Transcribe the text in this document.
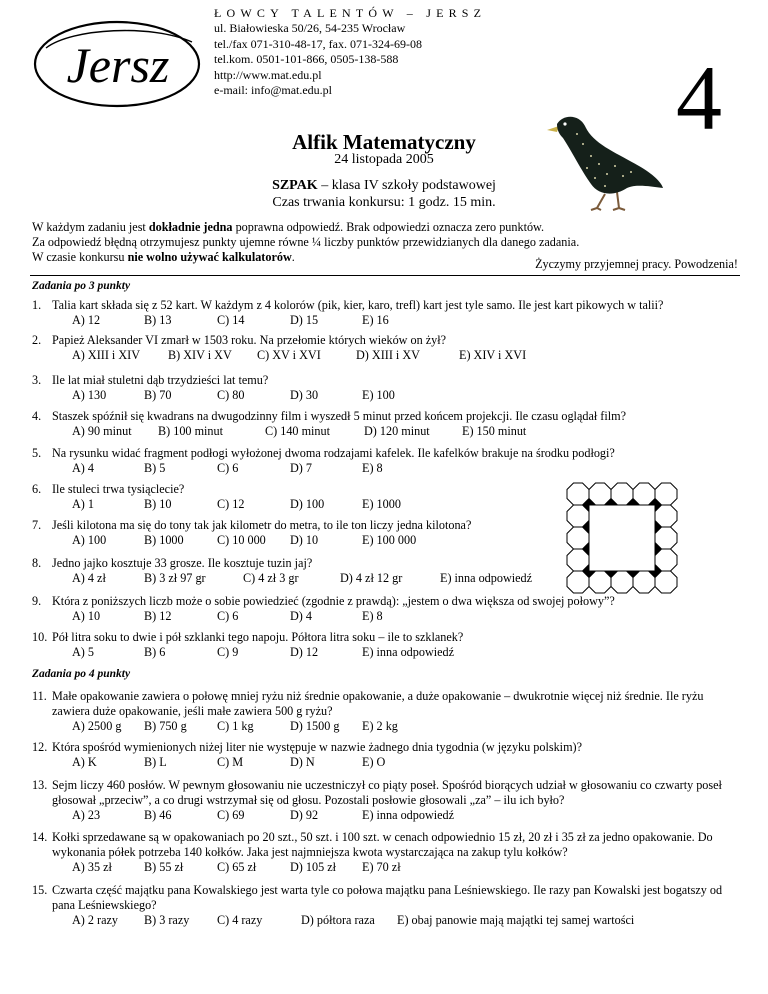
Jersz
ŁOWCY TALENTÓW – JERSZ
ul. Białowieska 50/26, 54-235 Wrocław
tel./fax 071-310-48-17, fax. 071-324-69-08
tel.kom. 0501-101-866, 0505-138-588
http://www.mat.edu.pl
e-mail: info@mat.edu.pl	4
Alfik Matematyczny
24 listopada 2005
SZPAK – klasa IV szkoły podstawowej
Czas trwania konkursu: 1 godz. 15 min.
W każdym zadaniu jest dokładnie jedna poprawna odpowiedź. Brak odpowiedzi oznacza zero punktów.
Za odpowiedź błędną otrzymujesz punkty ujemne równe ¼ liczby punktów przewidzianych dla danego zadania.
W czasie konkursu nie wolno używać kalkulatorów.	Życzymy przyjemnej pracy. Powodzenia!
Zadania po 3 punkty
Zadania po 4 punkty
1. Talia kart składa się z 52 kart. W każdym z 4 kolorów (pik, kier, karo, trefl) kart jest tyle samo. Ile jest kart pikowych w talii?
A) 12	B) 13	C) 14	D) 15	E) 16
2. Papież Aleksander VI zmarł w 1503 roku. Na przełomie których wieków on żył?
A) XIII i XIV B) XIV i XV C) XV i XVI	D) XIII i XV	E) XIV i XVI
3. Ile lat miał stuletni dąb trzydzieści lat temu?
A) 130	B) 70	C) 80	D) 30	E) 100
4. Staszek spóźnił się kwadrans na dwugodzinny film i wyszedł 5 minut przed końcem projekcji. Ile czasu oglądał film?
A) 90 minut B) 100 minut	C) 140 minut	D) 120 minut	E) 150 minut
5. Na rysunku widać fragment podłogi wyłożonej dwoma rodzajami kafelek. Ile kafelków brakuje na środku podłogi?
A) 4	B) 5	C) 6	D) 7	E) 8
6. Ile stuleci trwa tysiąclecie?
A) 1	B) 10	C) 12	D) 100	E) 1000
7. Jeśli kilotona ma się do tony tak jak kilometr do metra, to ile ton liczy jedna kilotona?
A) 100	B) 1000	C) 10 000 D) 10	E) 100 000
8. Jedno jajko kosztuje 33 grosze. Ile kosztuje tuzin jaj?
A) 4 zł	B) 3 zł 97 gr	C) 4 zł 3 gr	D) 4 zł 12 gr	E) inna odpowiedź
9. Która z poniższych liczb może o sobie powiedzieć (zgodnie z prawdą): „jestem o dwa większa od swojej połowy”?
A) 10	B) 12	C) 6	D) 4	E) 8
10. Pół litra soku to dwie i pół szklanki tego napoju. Półtora litra soku – ile to szklanek?
A) 5	B) 6	C) 9	D) 12	E) inna odpowiedź
11. Małe opakowanie zawiera o połowę mniej ryżu niż średnie opakowanie, a duże opakowanie – dwukrotnie więcej niż średnie. Ile ryżu zawiera duże opakowanie, jeśli małe zawiera 500 g ryżu?
A) 2500 g B) 750 g C) 1 kg	D) 1500 g E) 2 kg
12. Która spośród wymienionych niżej liter nie występuje w nazwie żadnego dnia tygodnia (w języku polskim)?
A) K	B) L	C) M	D) N	E) O
13. Sejm liczy 460 posłów. W pewnym głosowaniu nie uczestniczył co piąty poseł. Spośród biorących udział w głosowaniu co czwarty poseł głosował „przeciw”, a co drugi wstrzymał się od głosu. Pozostali posłowie głosowali „za” – ilu ich było?
A) 23	B) 46	C) 69	D) 92	E) inna odpowiedź
14. Kołki sprzedawane są w opakowaniach po 20 szt., 50 szt. i 100 szt. w cenach odpowiednio 15 zł, 20 zł i 35 zł za jedno opakowanie. Do wykonania półek potrzeba 140 kołków. Jaka jest najmniejsza kwota wystarczająca na zakup tylu kołków?
A) 35 zł	B) 55 zł	C) 65 zł	D) 105 zł E) 70 zł
15. Czwarta część majątku pana Kowalskiego jest warta tyle co połowa majątku pana Leśniewskiego. Ile razy pan Kowalski jest bogatszy od pana Leśniewskiego?
A) 2 razy B) 3 razy C) 4 razy	D) półtora raza E) obaj panowie mają majątki tej samej wartości
